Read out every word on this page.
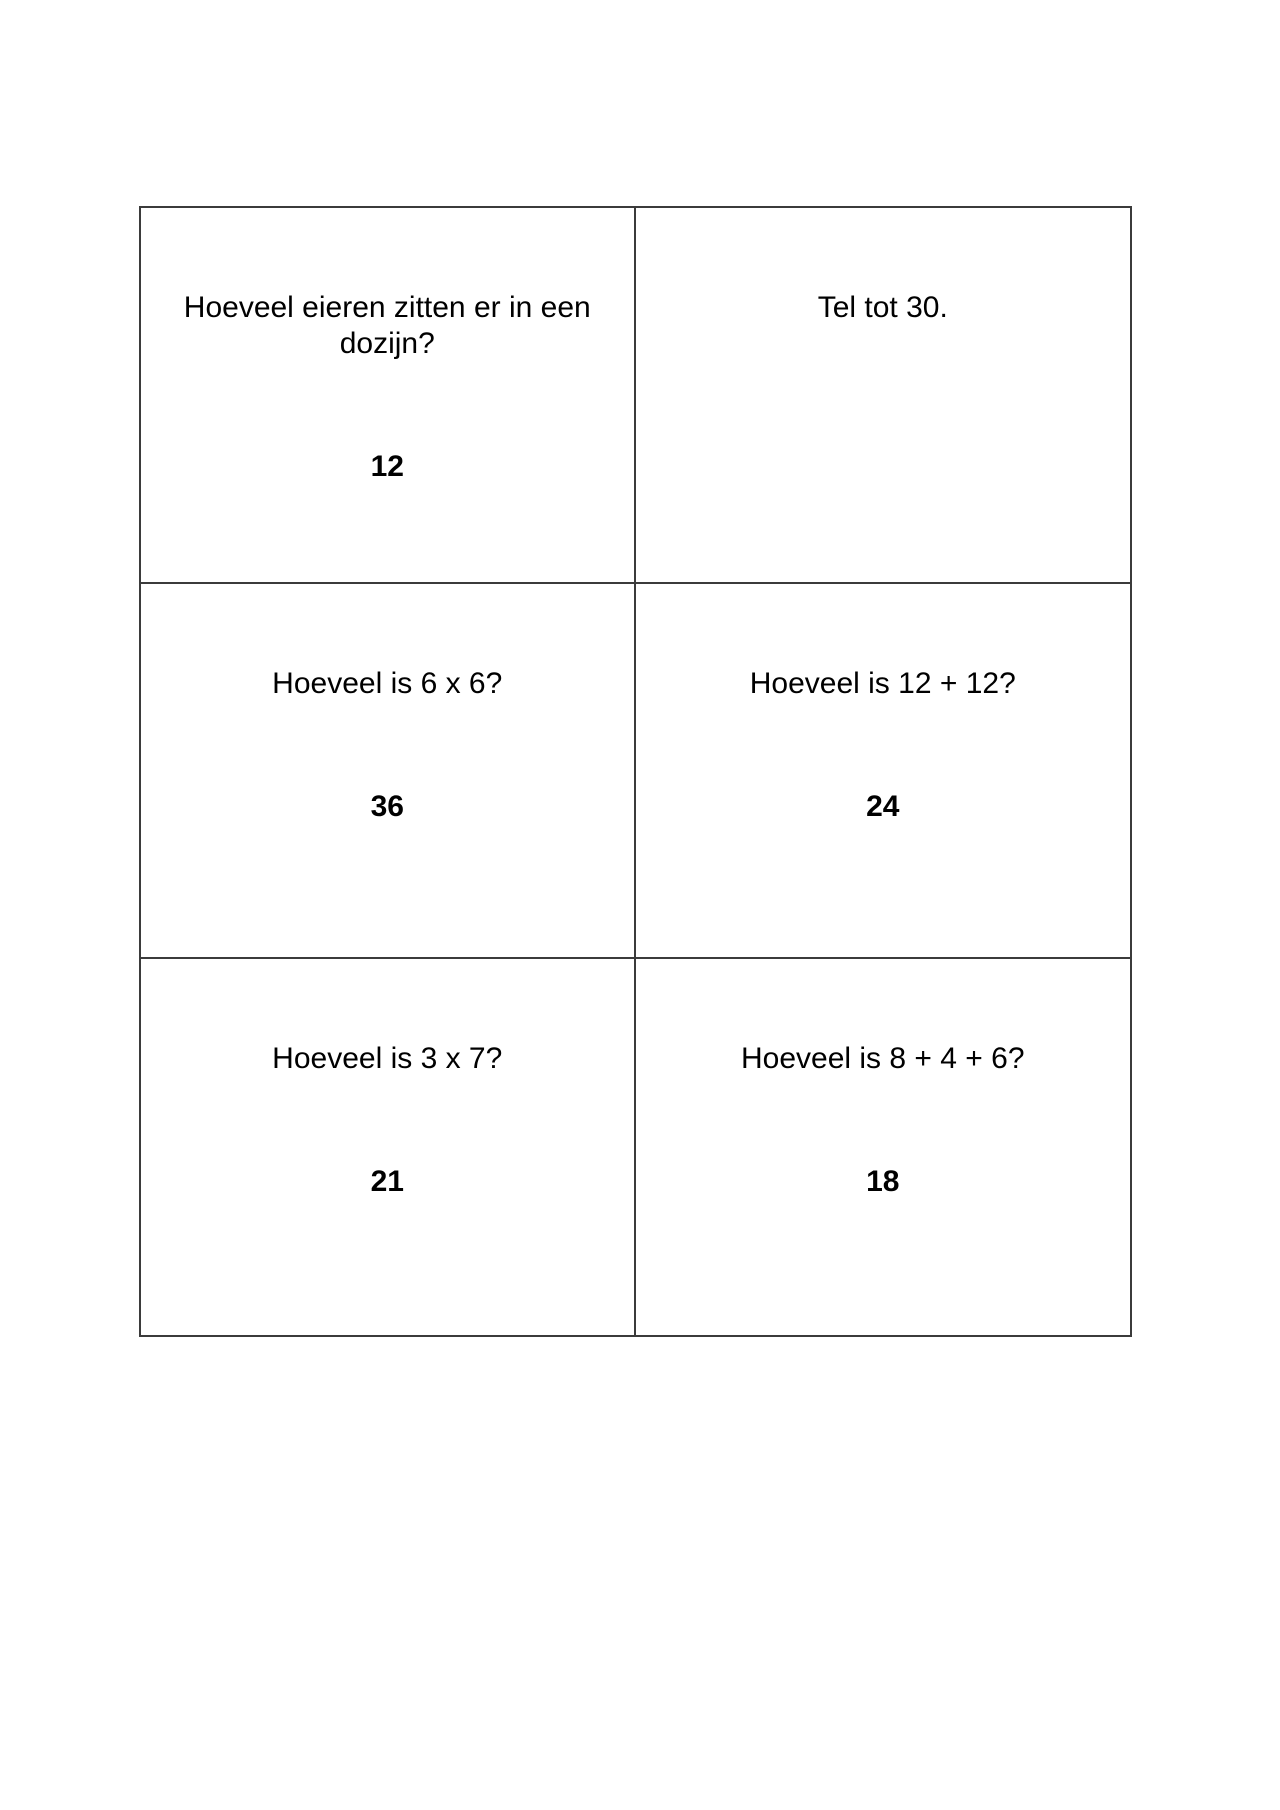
Hoeveel eieren zitten er in een dozijn?
12
Tel tot 30.
Hoeveel is 6 x 6?
36
Hoeveel is 12 + 12?
24
Hoeveel is 3 x 7?
21
Hoeveel is 8 + 4 + 6?
18
